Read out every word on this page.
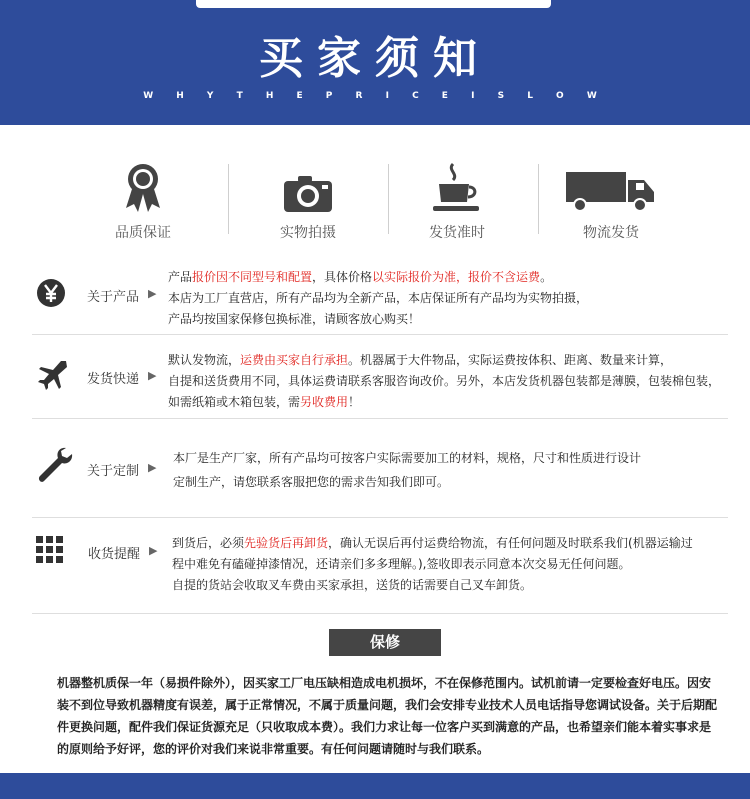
买家须知
W H Y T H E P R I C E I S L O W
品质保证	实物拍摄	发货准时	物流发货
关于产品 ▶
产品报价因不同型号和配置，具体价格以实际报价为准，报价不含运费。
本店为工厂直营店，所有产品均为全新产品，本店保证所有产品均为实物拍摄，
产品均按国家保修包换标准，请顾客放心购买！
发货快递 ▶
默认发物流，运费由买家自行承担。机器属于大件物品，实际运费按体积、距离、数量来计算，
自提和送货费用不同，具体运费请联系客服咨询改价。另外，本店发货机器包装都是薄膜，包装棉包装，
如需纸箱或木箱包装，需另收费用！
关于定制 ▶
本厂是生产厂家，所有产品均可按客户实际需要加工的材料，规格，尺寸和性质进行设计
定制生产，请您联系客服把您的需求告知我们即可。
收货提醒 ▶
到货后，必须先验货后再卸货，确认无误后再付运费给物流，有任何问题及时联系我们(机器运输过
程中难免有磕碰掉漆情况，还请亲们多多理解。),签收即表示同意本次交易无任何问题。
自提的货站会收取叉车费由买家承担，送货的话需要自己叉车卸货。
保修
机器整机质保一年（易损件除外），因买家工厂电压缺相造成电机损坏，不在保修范围内。试机前请一定要检查好电压。因安装不到位导致机器精度有误差，属于正常情况，不属于质量问题，我们会安排专业技术人员电话指导您调试设备。关于后期配件更换问题，配件我们保证货源充足（只收取成本费）。我们力求让每一位客户买到满意的产品，也希望亲们能本着实事求是的原则给予好评，您的评价对我们来说非常重要。有任何问题请随时与我们联系。
